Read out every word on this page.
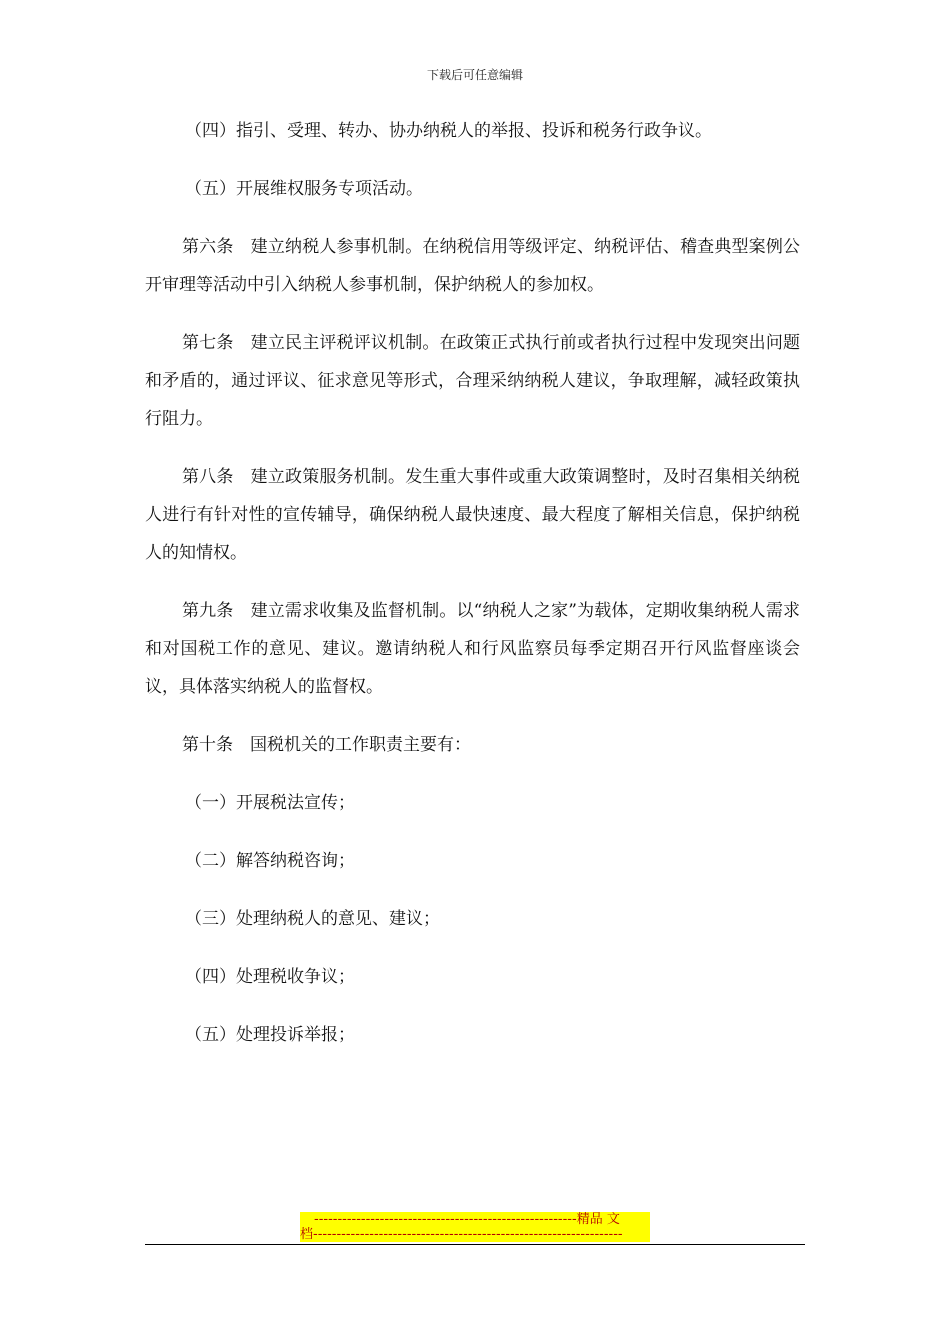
下载后可任意编辑

（四）指引、受理、转办、协办纳税人的举报、投诉和税务行政争议。

（五）开展维权服务专项活动。

第六条　建立纳税人参事机制。在纳税信用等级评定、纳税评估、稽查典型案例公开审理等活动中引入纳税人参事机制，保护纳税人的参加权。

第七条　建立民主评税评议机制。在政策正式执行前或者执行过程中发现突出问题和矛盾的，通过评议、征求意见等形式，合理采纳纳税人建议，争取理解，减轻政策执行阻力。

第八条　建立政策服务机制。发生重大事件或重大政策调整时，及时召集相关纳税人进行有针对性的宣传辅导，确保纳税人最快速度、最大程度了解相关信息，保护纳税人的知情权。

第九条　建立需求收集及监督机制。以“纳税人之家”为载体，定期收集纳税人需求和对国税工作的意见、建议。邀请纳税人和行风监察员每季定期召开行风监督座谈会议，具体落实纳税人的监督权。

第十条　国税机关的工作职责主要有：

（一）开展税法宣传；

（二）解答纳税咨询；

（三）处理纳税人的意见、建议；

（四）处理税收争议；

（五）处理投诉举报；

--------------------------------------------------------精品 文
档------------------------------------------------------------------
